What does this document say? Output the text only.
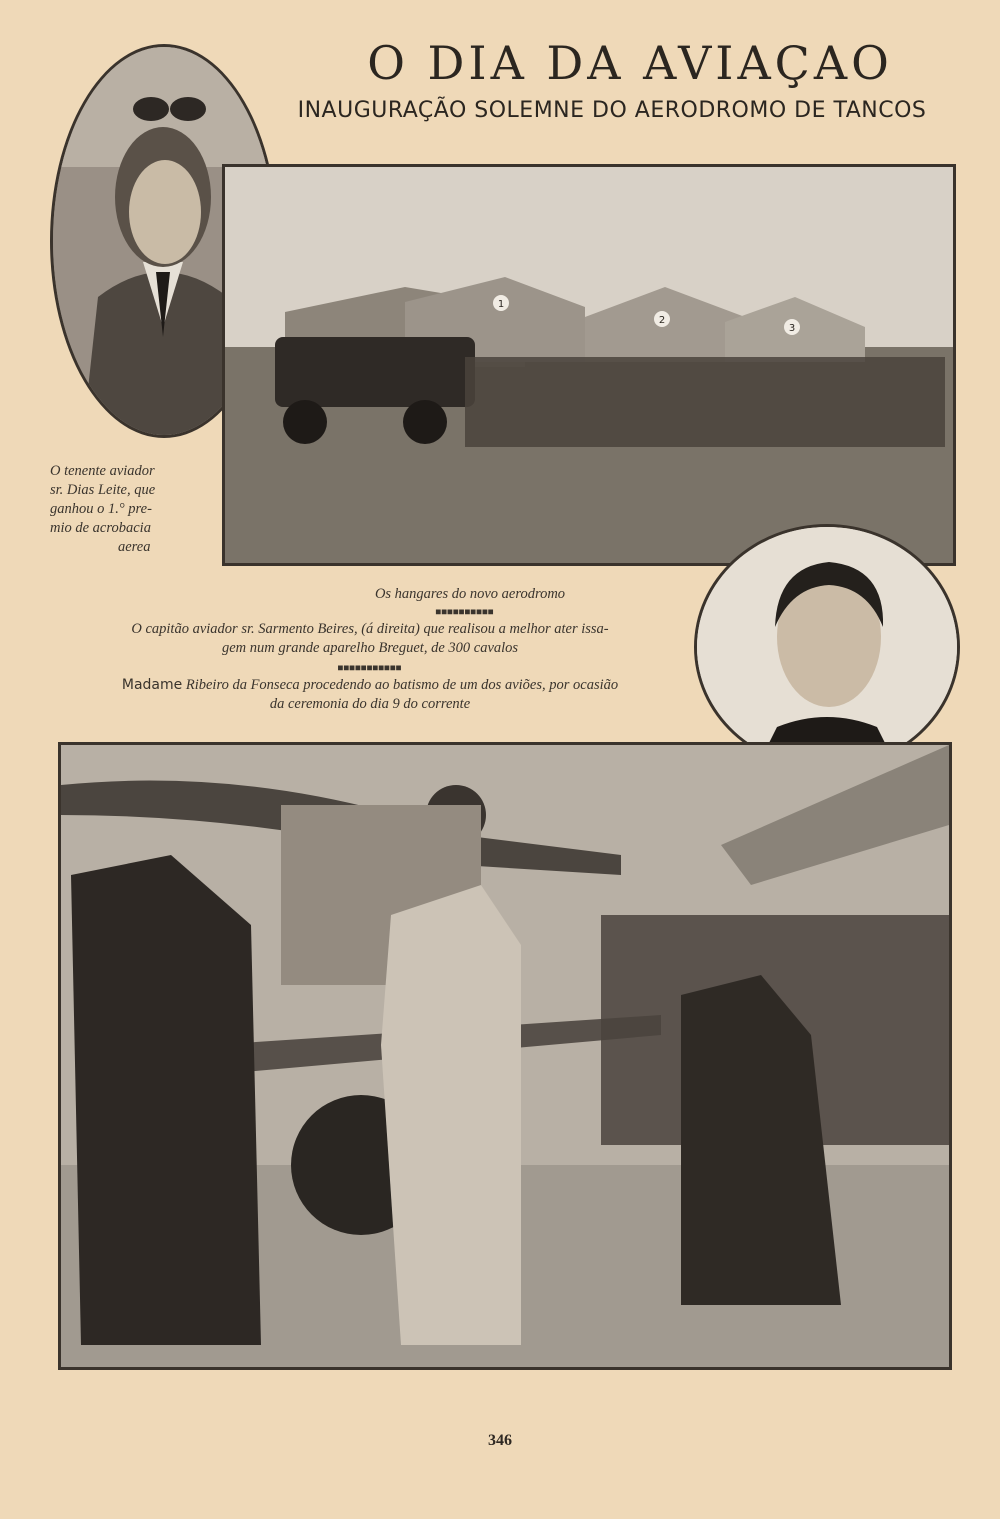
O DIA DA AVIAÇAO
INAUGURAÇÃO SOLEMNE DO AERODROMO DE TANCOS
1
2
3
O tenente aviador
sr. Dias Leite, que
ganhou o 1.° pre-
mio de acrobacia
aerea
Os hangares do novo aerodromo
■■■■■■■■■■
O capitão aviador sr. Sarmento Beires, (á direita) que realisou a melhor ater issa-
gem num grande aparelho Breguet, de 300 cavalos
■■■■■■■■■■■
Madame Ribeiro da Fonseca procedendo ao batismo de um dos aviões, por ocasião
da ceremonia do dia 9 do corrente
346
